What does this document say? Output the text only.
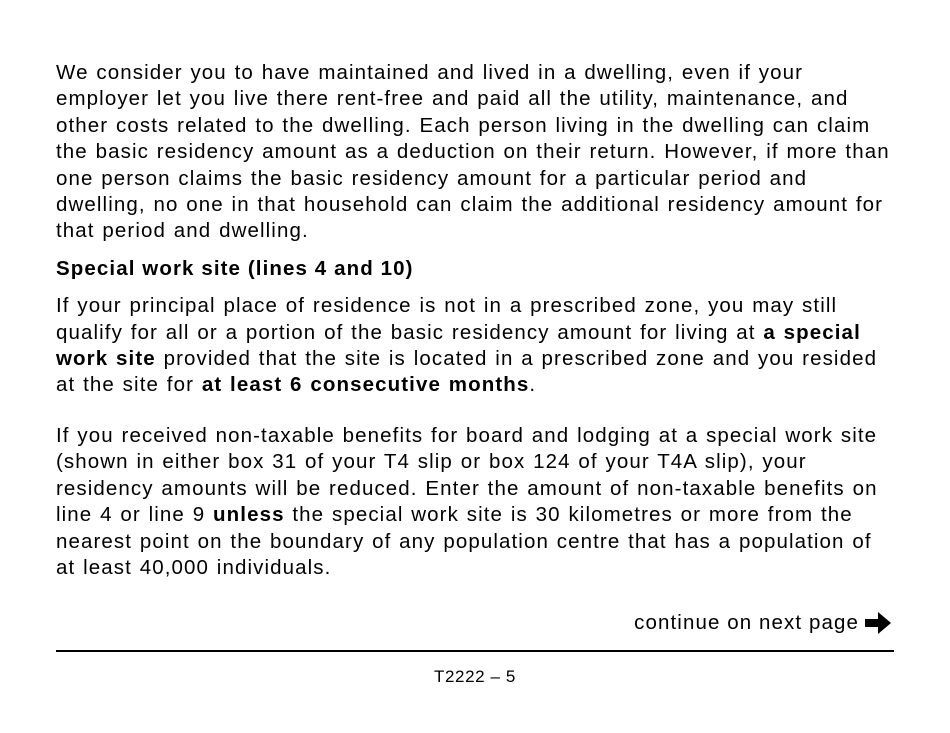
We consider you to have maintained and lived in a dwelling, even if your employer let you live there rent-free and paid all the utility, maintenance, and other costs related to the dwelling. Each person living in the dwelling can claim the basic residency amount as a deduction on their return. However, if more than one person claims the basic residency amount for a particular period and dwelling, no one in that household can claim the additional residency amount for that period and dwelling.

Special work site (lines 4 and 10)

If your principal place of residence is not in a prescribed zone, you may still qualify for all or a portion of the basic residency amount for living at a special work site provided that the site is located in a prescribed zone and you resided at the site for at least 6 consecutive months.

If you received non-taxable benefits for board and lodging at a special work site (shown in either box 31 of your T4 slip or box 124 of your T4A slip), your residency amounts will be reduced. Enter the amount of non-taxable benefits on line 4 or line 9 unless the special work site is 30 kilometres or more from the nearest point on the boundary of any population centre that has a population of at least 40,000 individuals.

continue on next page
T2222 – 5
